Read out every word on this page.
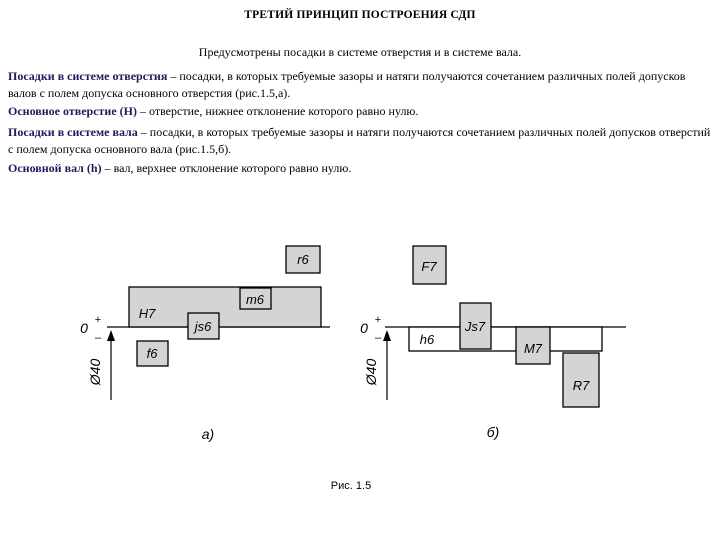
ТРЕТИЙ ПРИНЦИП ПОСТРОЕНИЯ СДП
Предусмотрены посадки в системе отверстия и в системе вала.
Посадки в системе отверстия – посадки, в которых требуемые зазоры и натяги получаются сочетанием различных полей допусков валов с полем допуска основного отверстия (рис.1.5,а).
Основное отверстие (H) – отверстие, нижнее отклонение которого равно нулю.
Посадки в системе вала – посадки, в которых требуемые зазоры и натяги получаются сочетанием различных полей допусков отверстий с полем допуска основного вала (рис.1.5,б).
Основной вал (h) – вал, верхнее отклонение которого равно нулю.
r6
H7
m6
js6
f6
0 +
–
Ø40
а)
F7
h6
Js7
M7
R7
0 +
–
Ø40
б)
Рис. 1.5
